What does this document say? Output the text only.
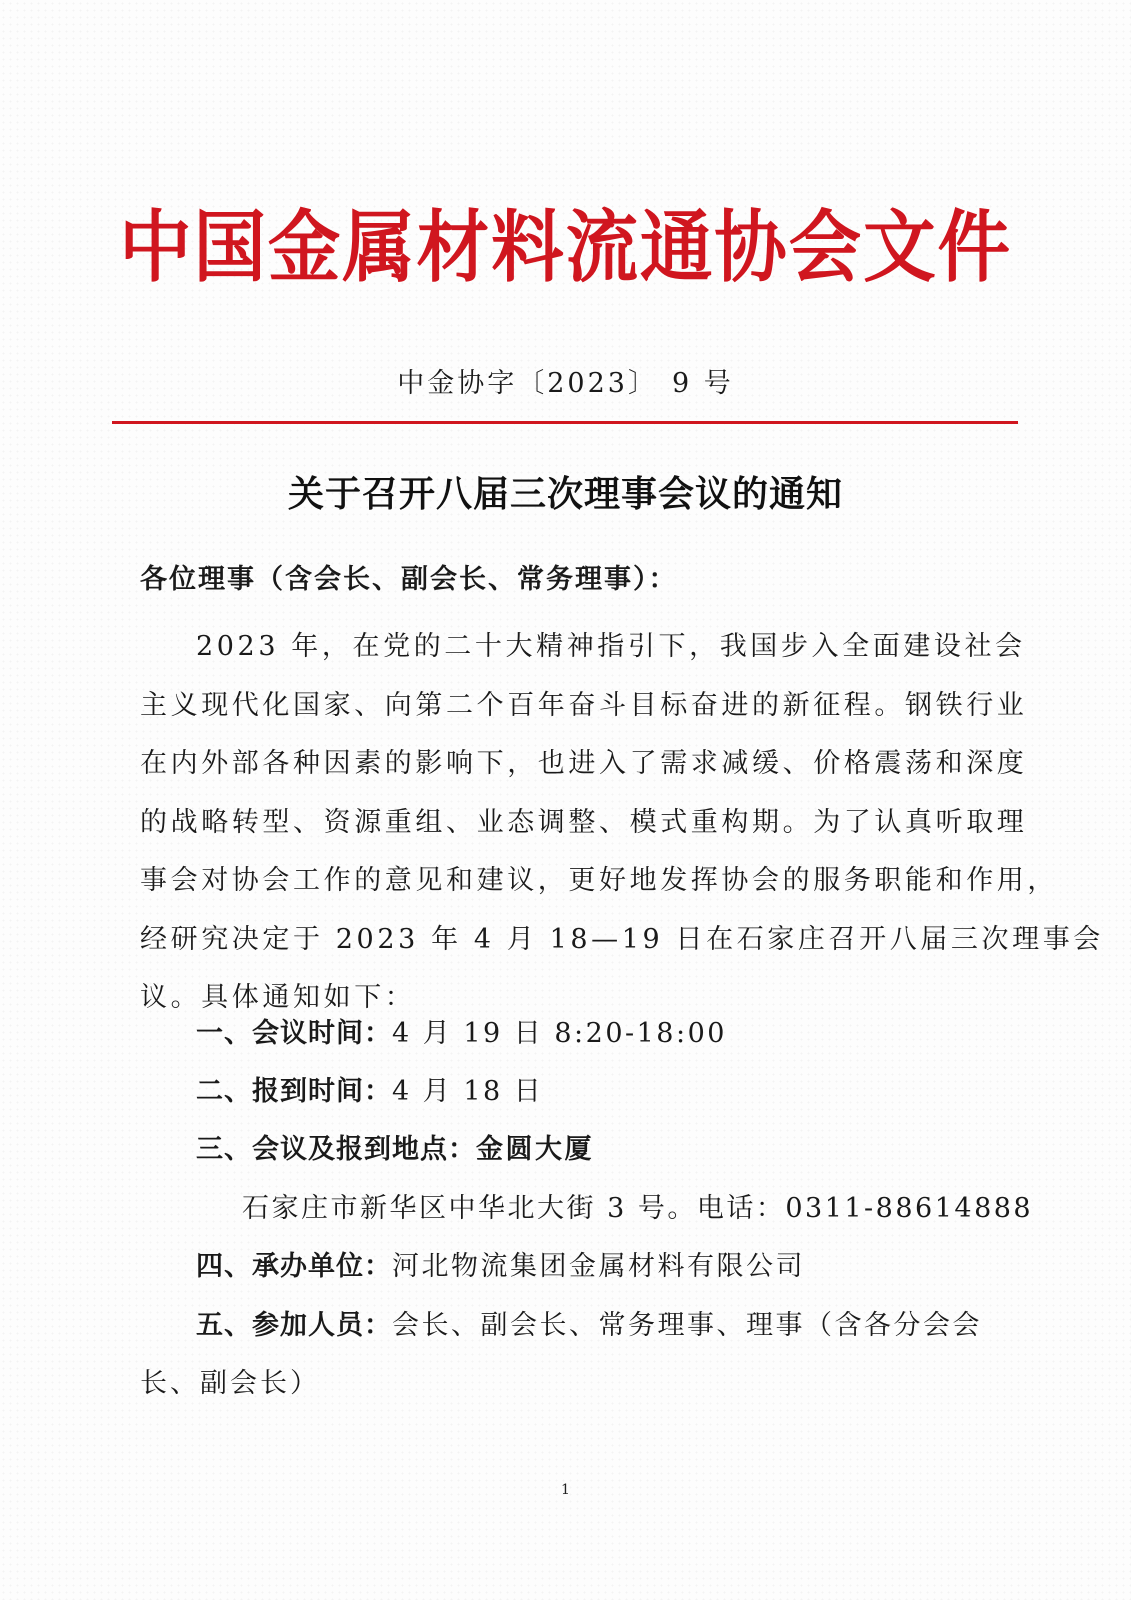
中国金属材料流通协会文件
中金协字〔2023〕 9 号
关于召开八届三次理事会议的通知
各位理事（含会长、副会长、常务理事）：
2023 年，在党的二十大精神指引下，我国步入全面建设社会
主义现代化国家、向第二个百年奋斗目标奋进的新征程。钢铁行业
在内外部各种因素的影响下，也进入了需求减缓、价格震荡和深度
的战略转型、资源重组、业态调整、模式重构期。为了认真听取理
事会对协会工作的意见和建议，更好地发挥协会的服务职能和作用，
经研究决定于 2023 年 4 月 18—19 日在石家庄召开八届三次理事会
议。具体通知如下：
一、会议时间：4 月 19 日 8:20-18:00
二、报到时间：4 月 18 日
三、会议及报到地点：金圆大厦
石家庄市新华区中华北大街 3 号。电话：0311-88614888
四、承办单位：河北物流集团金属材料有限公司
五、参加人员：会长、副会长、常务理事、理事（含各分会会
长、副会长）
1
